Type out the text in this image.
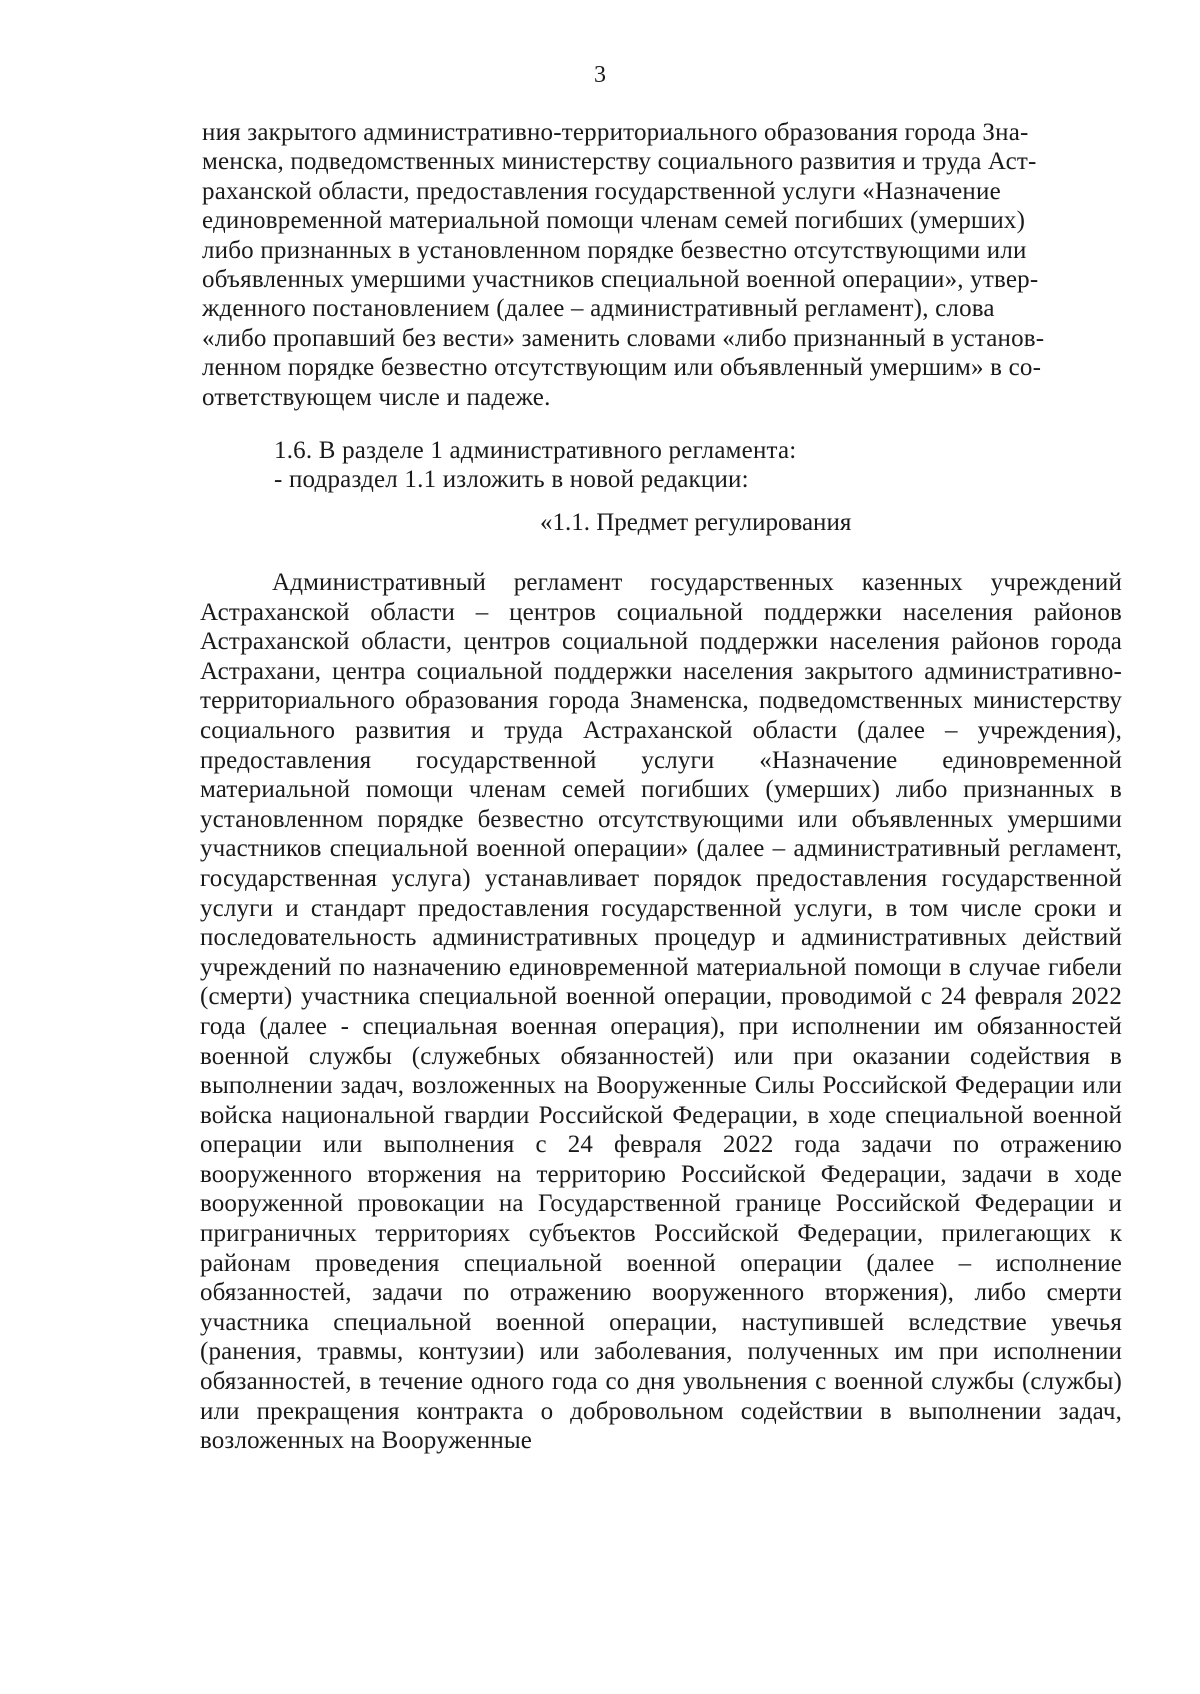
3
ния закрытого административно-территориального образования города Зна-
менска, подведомственных министерству социального развития и труда Аст-
раханской области, предоставления государственной услуги «Назначение
единовременной материальной помощи членам семей погибших (умерших)
либо признанных в установленном порядке безвестно отсутствующими или
объявленных умершими участников специальной военной операции», утвер-
жденного постановлением (далее – административный регламент), слова
«либо пропавший без вести» заменить словами «либо признанный в установ-
ленном порядке безвестно отсутствующим или объявленный умершим» в со-
ответствующем числе и падеже.
1.6. В разделе 1 административного регламента:
- подраздел 1.1 изложить в новой редакции:
«1.1. Предмет регулирования
Административный регламент государственных казенных учреждений Астраханской области – центров социальной поддержки населения районов Астраханской области, центров социальной поддержки населения районов города Астрахани, центра социальной поддержки населения закрытого административно-территориального образования города Знаменска, подведомственных министерству социального развития и труда Астраханской области (далее – учреждения), предоставления государственной услуги «Назначение единовременной материальной помощи членам семей погибших (умерших) либо признанных в установленном порядке безвестно отсутствующими или объявленных умершими участников специальной военной операции» (далее – административный регламент, государственная услуга) устанавливает порядок предоставления государственной услуги и стандарт предоставления государственной услуги, в том числе сроки и последовательность административных процедур и административных действий учреждений по назначению единовременной материальной помощи в случае гибели (смерти) участника специальной военной операции, проводимой с 24 февраля 2022 года (далее - специальная военная операция), при исполнении им обязанностей военной службы (служебных обязанностей) или при оказании содействия в выполнении задач, возложенных на Вооруженные Силы Российской Федерации или войска национальной гвардии Российской Федерации, в ходе специальной военной операции или выполнения с 24 февраля 2022 года задачи по отражению вооруженного вторжения на территорию Российской Федерации, задачи в ходе вооруженной провокации на Государственной границе Российской Федерации и приграничных территориях субъектов Российской Федерации, прилегающих к районам проведения специальной военной операции (далее – исполнение обязанностей, задачи по отражению вооруженного вторжения), либо смерти участника специальной военной операции, наступившей вследствие увечья (ранения, травмы, контузии) или заболевания, полученных им при исполнении обязанностей, в течение одного года со дня увольнения с военной службы (службы) или прекращения контракта о добровольном содействии в выполнении задач, возложенных на Вооруженные
